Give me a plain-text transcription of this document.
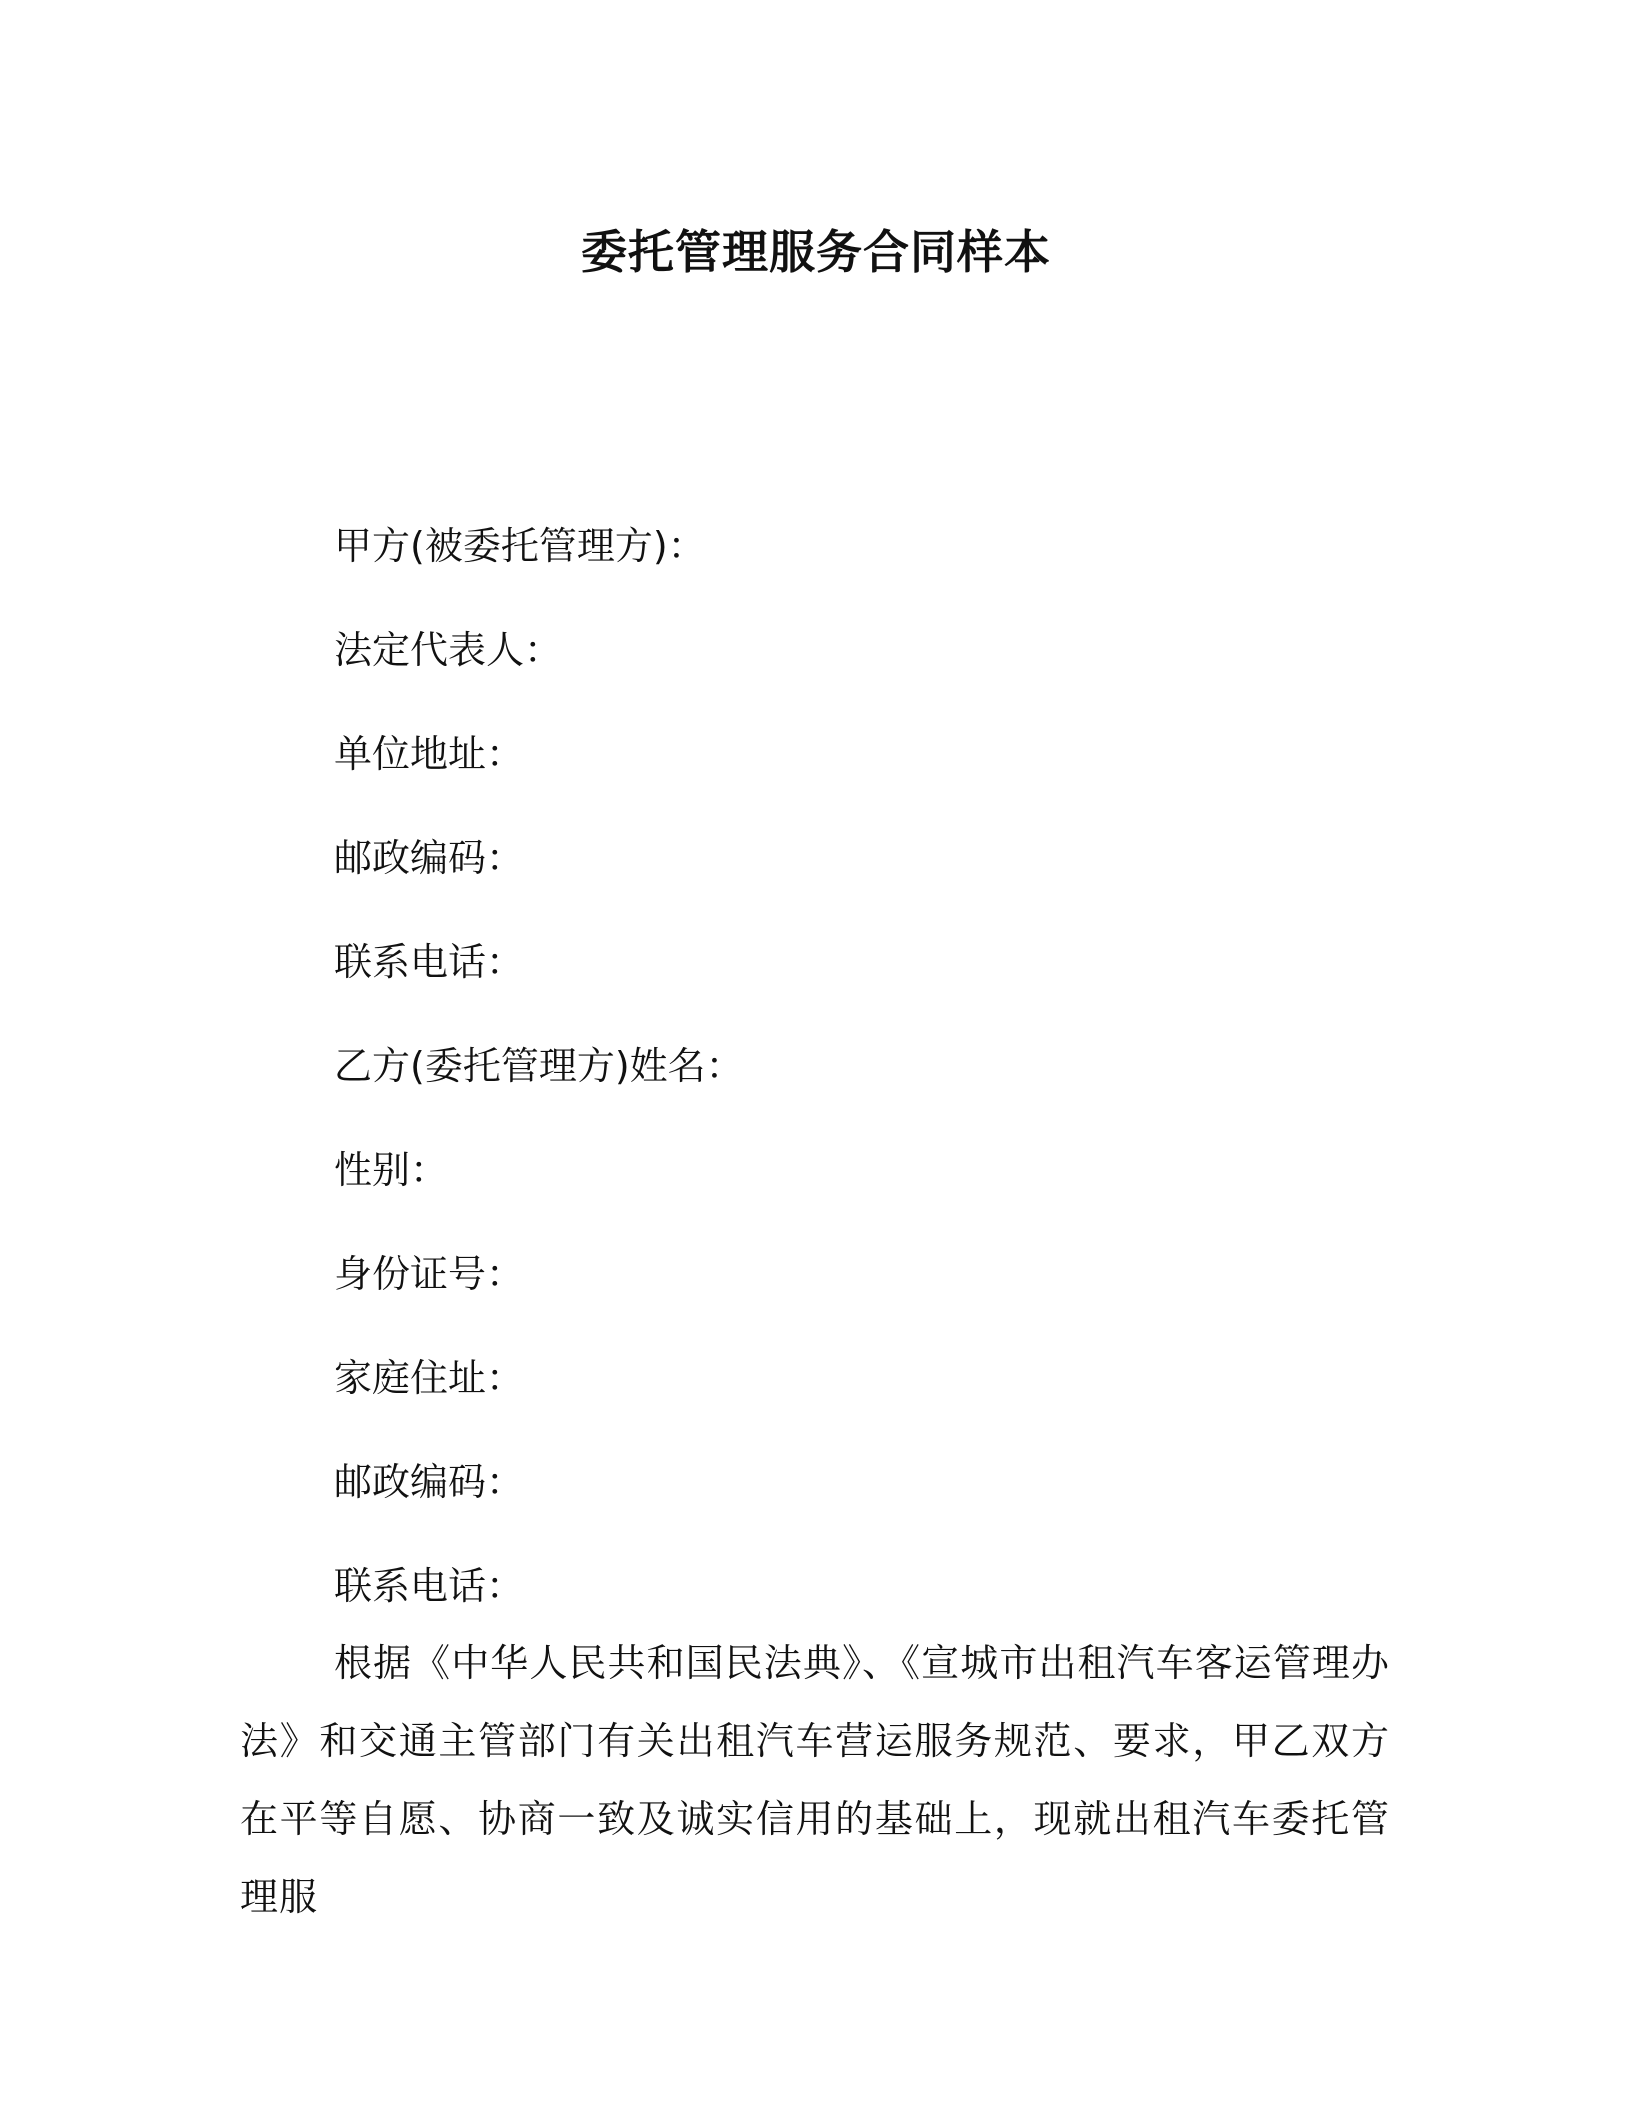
委托管理服务合同样本
甲方(被委托管理方)：
法定代表人：
单位地址：
邮政编码：
联系电话：
乙方(委托管理方)姓名：
性别：
身份证号：
家庭住址：
邮政编码：
联系电话：
根据《中华人民共和国民法典》、《宣城市出租汽车客运管理办法》和交通主管部门有关出租汽车营运服务规范、要求，甲乙双方在平等自愿、协商一致及诚实信用的基础上，现就出租汽车委托管理服
